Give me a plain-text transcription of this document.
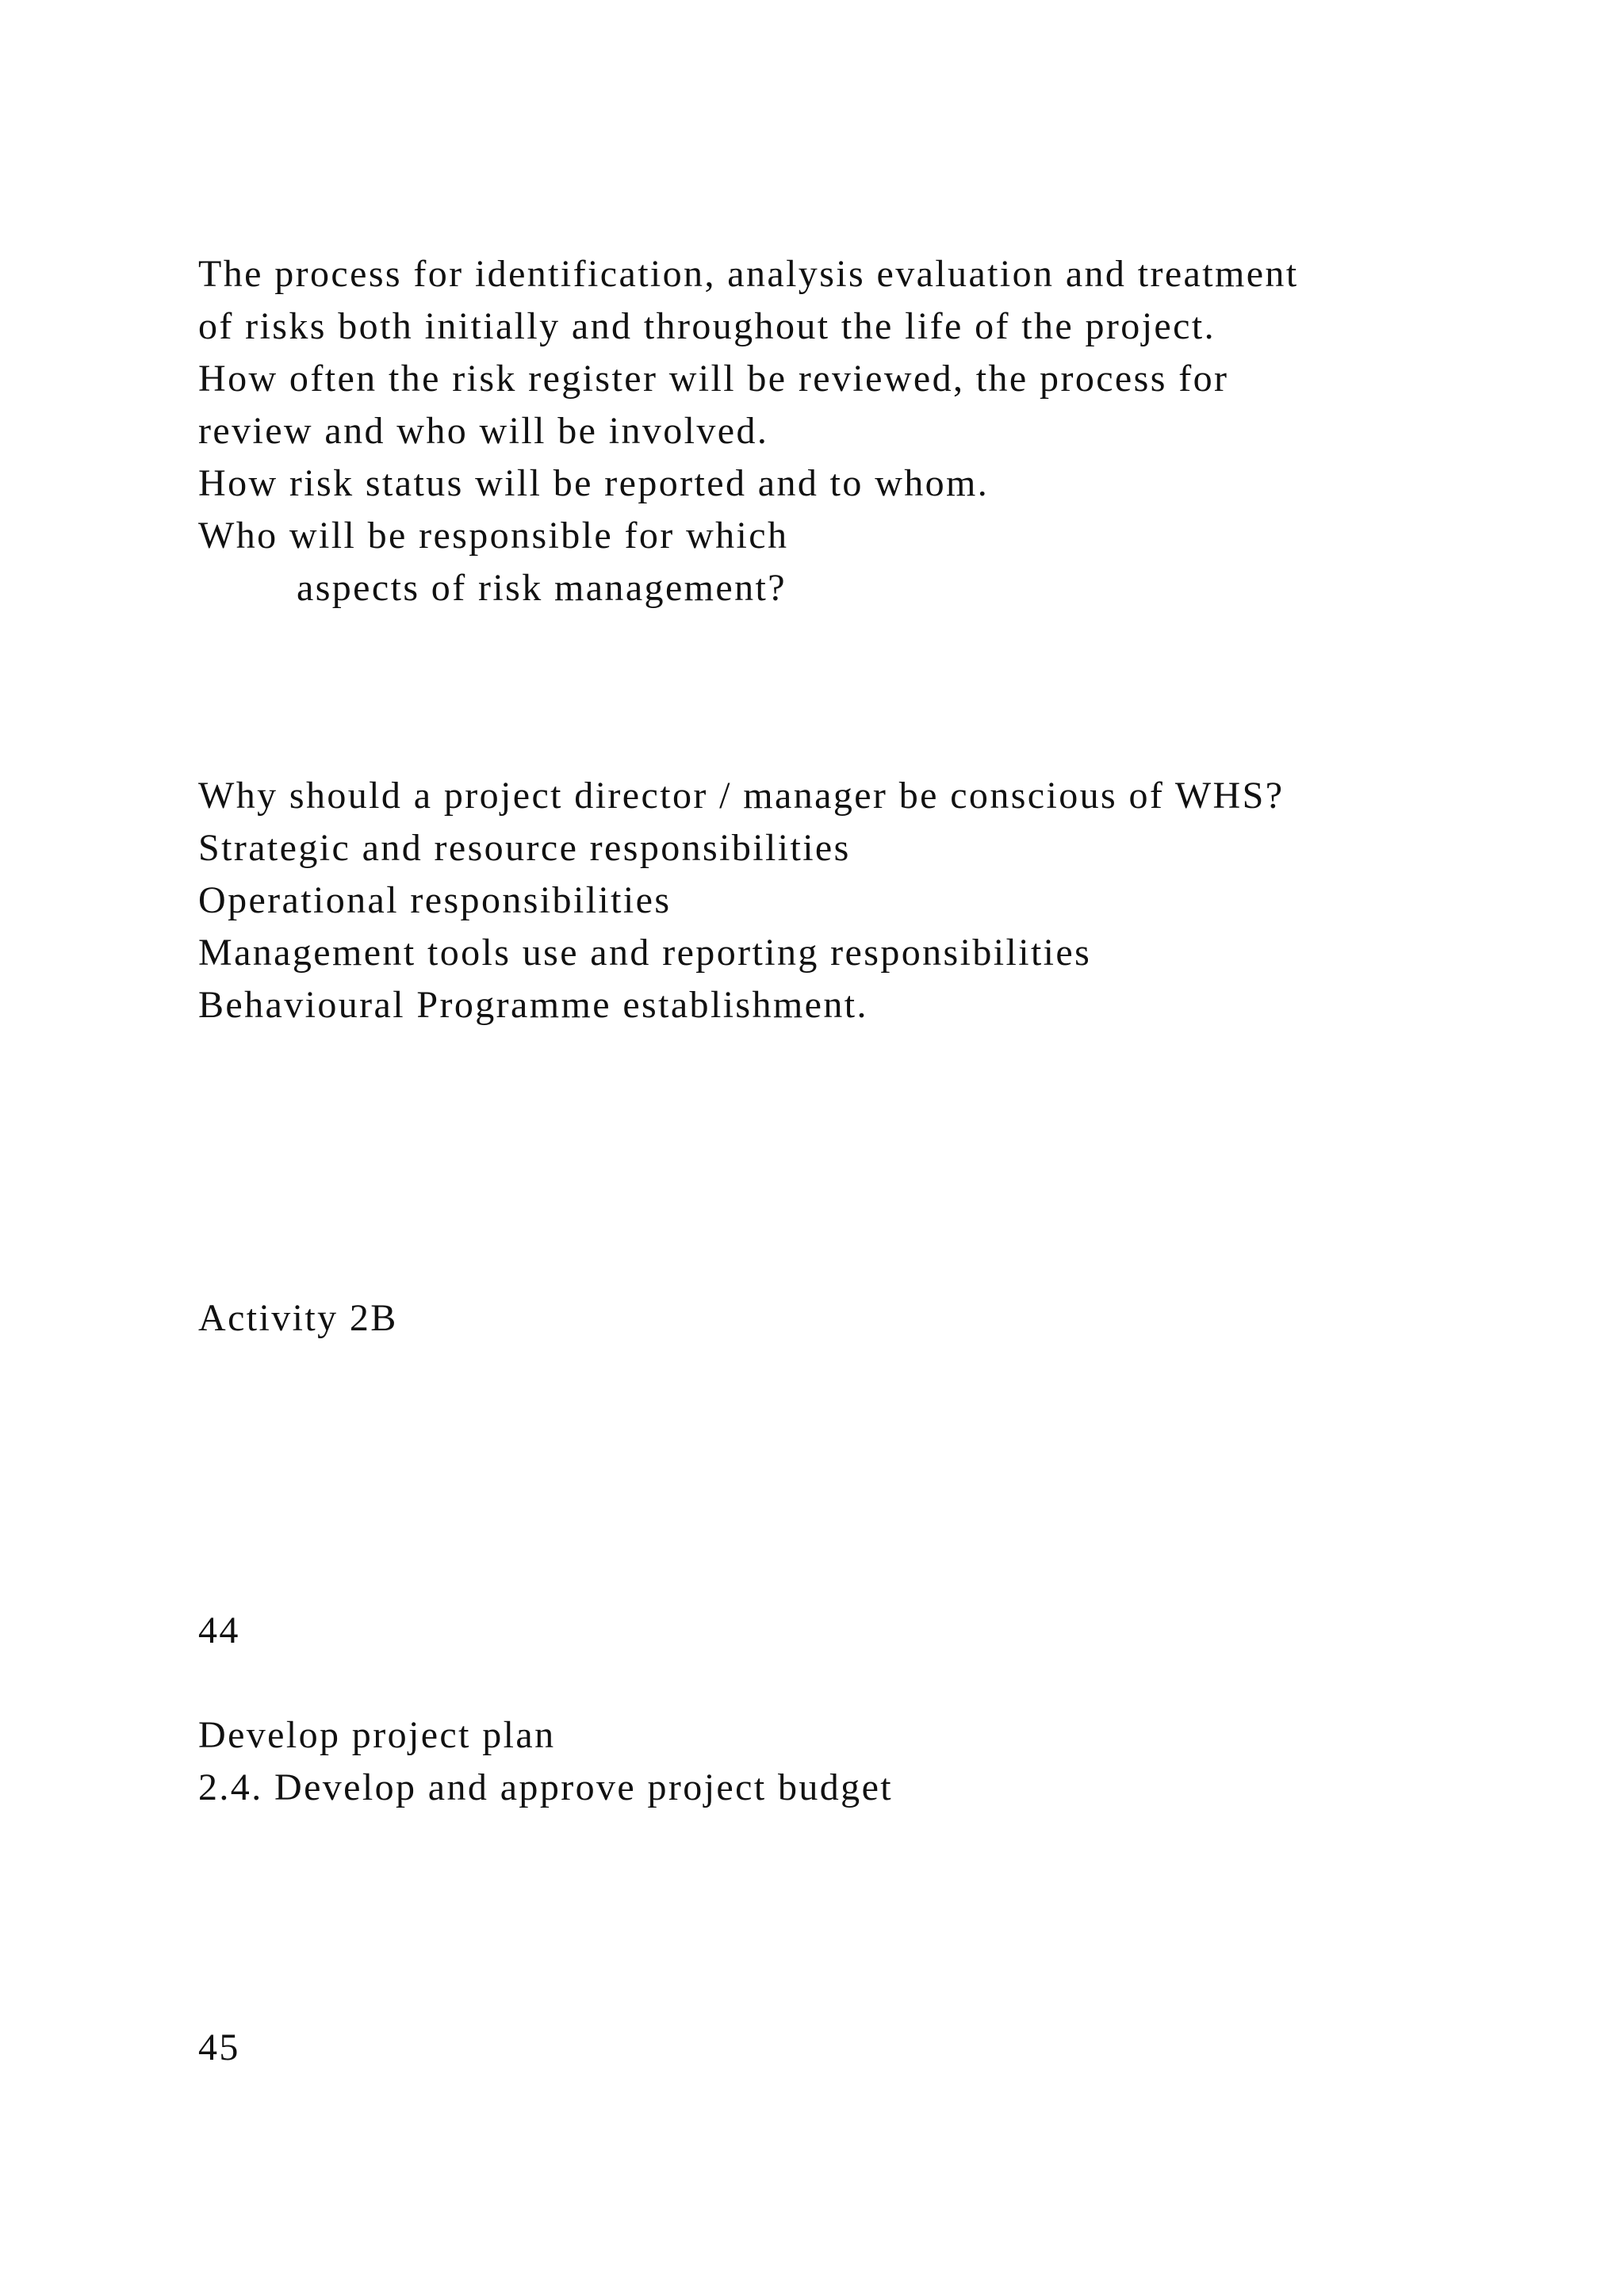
The process for identification, analysis evaluation and treatment

of risks both initially and throughout the life of the project.

How often the risk register will be reviewed, the process for

review and who will be involved.

How risk status will be reported and to whom.

Who will be responsible for which

aspects of risk management?

Why should a project director / manager be conscious of WHS?

Strategic and resource responsibilities

Operational responsibilities

Management tools use and reporting responsibilities

Behavioural Programme establishment.

Activity 2B

44

Develop project plan

2.4. Develop and approve project budget

45
